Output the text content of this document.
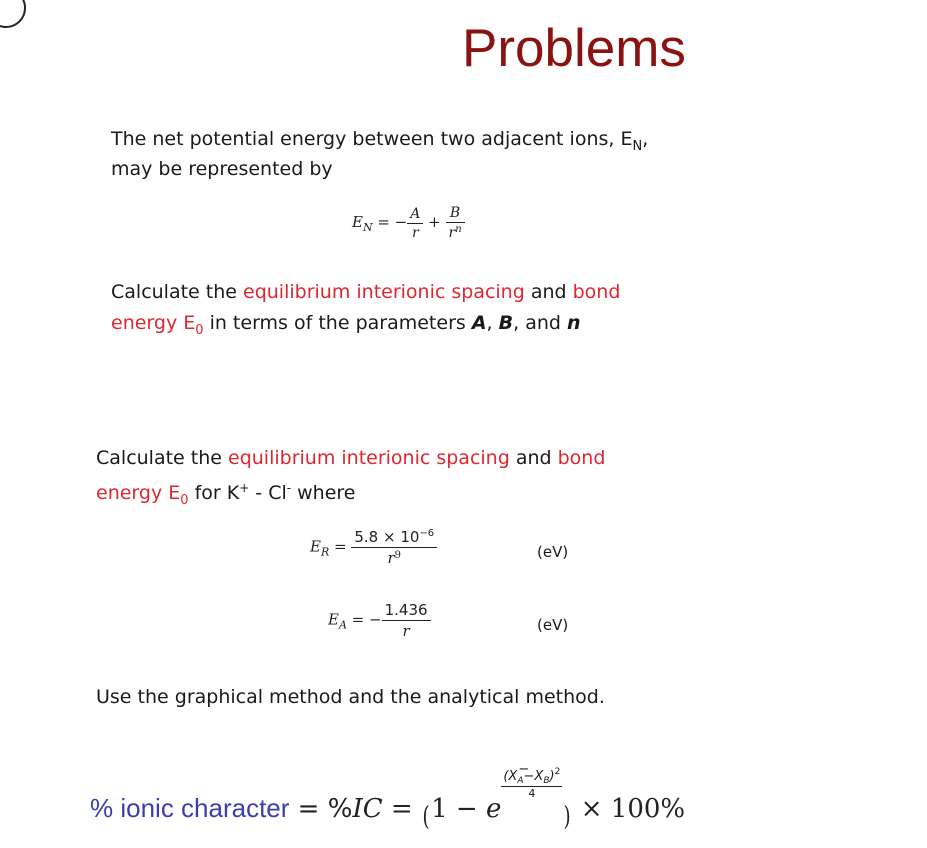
Problems
The net potential energy between two adjacent ions, $E_N$,
may be represented by
$E_N$ = − $\frac{A}{r} + \frac{B}{r^n}$
Calculate the equilibrium interionic spacing and bond
energy $E_0$ in terms of the parameters A, B, and n
Calculate the equilibrium interionic spacing and bond
energy $E_0$ for K+ - Cl- where
$E_R = \frac{5.8 \times 10^{-6}}{r^9}$	(eV)
$E_A$ = − $\frac{1.436}{r}$	(eV)
Use the graphical method and the analytical method.
% ionic character = %IC = (1 − e−
$(X_A-X_B)^2$
4
) × 100%
